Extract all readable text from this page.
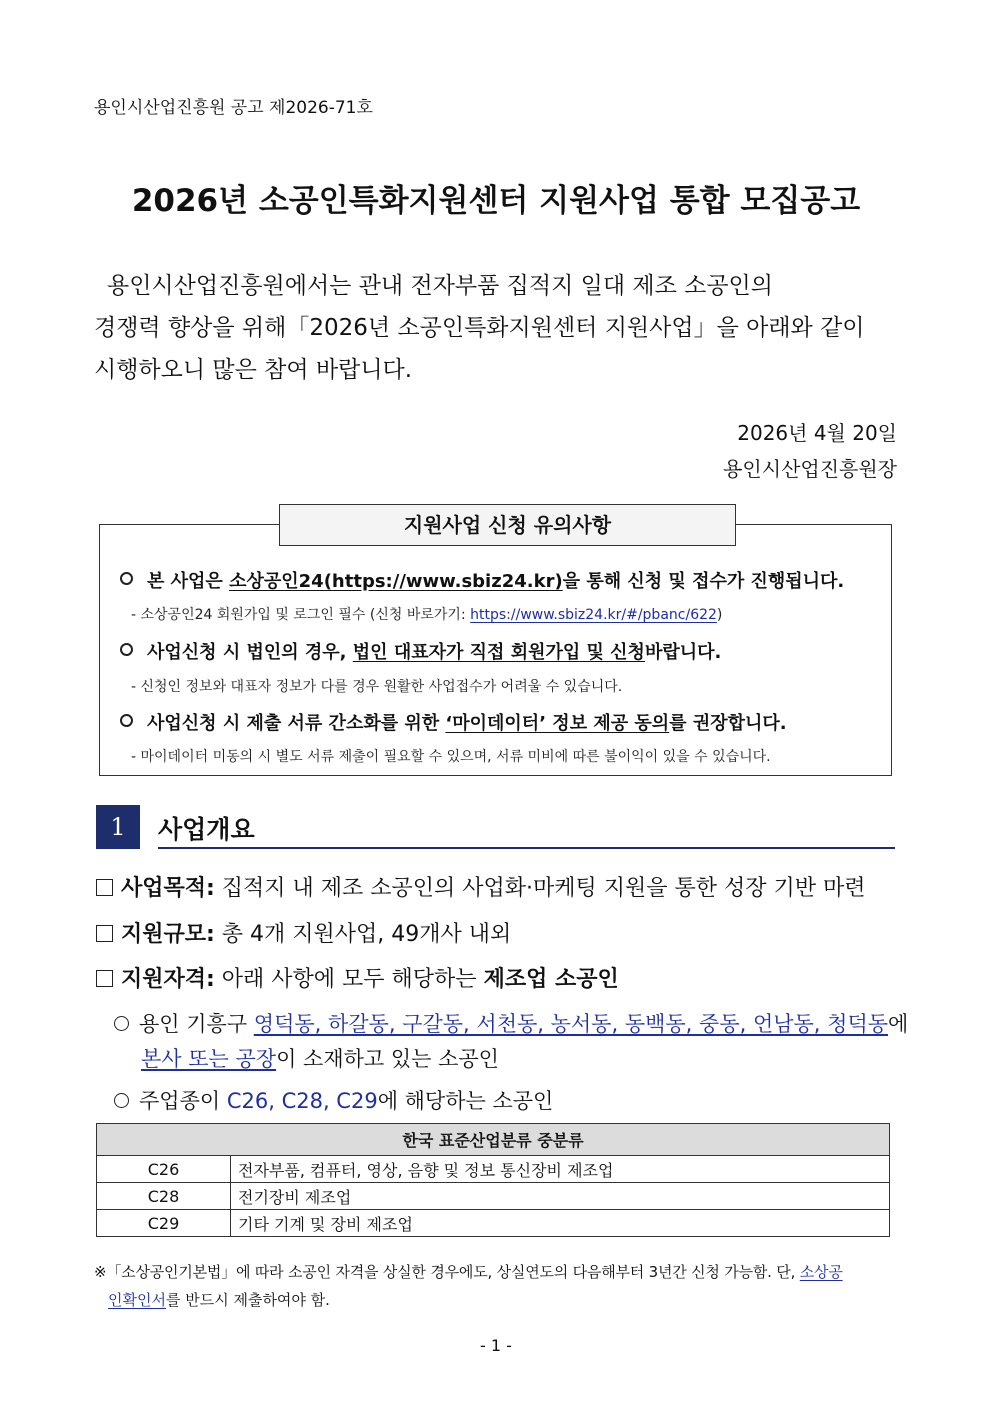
용인시산업진흥원 공고 제2026-71호
2026년 소공인특화지원센터 지원사업 통합 모집공고
용인시산업진흥원에서는 관내 전자부품 집적지 일대 제조 소공인의
경쟁력 향상을 위해「2026년 소공인특화지원센터 지원사업」을 아래와 같이
시행하오니 많은 참여 바랍니다.
2026년 4월 20일
용인시산업진흥원장
지원사업 신청 유의사항
본 사업은 소상공인24(https://www.sbiz24.kr)을 통해 신청 및 접수가 진행됩니다.
- 소상공인24 회원가입 및 로그인 필수 (신청 바로가기: https://www.sbiz24.kr/#/pbanc/622)
사업신청 시 법인의 경우, 법인 대표자가 직접 회원가입 및 신청바랍니다.
- 신청인 정보와 대표자 정보가 다를 경우 원활한 사업접수가 어려울 수 있습니다.
사업신청 시 제출 서류 간소화를 위한 ‘마이데이터’ 정보 제공 동의를 권장합니다.
- 마이데이터 미동의 시 별도 서류 제출이 필요할 수 있으며, 서류 미비에 따른 불이익이 있을 수 있습니다.
1	사업개요
사업목적: 집적지 내 제조 소공인의 사업화·마케팅 지원을 통한 성장 기반 마련
지원규모: 총 4개 지원사업, 49개사 내외
지원자격: 아래 사항에 모두 해당하는 제조업 소공인
용인 기흥구 영덕동, 하갈동, 구갈동, 서천동, 농서동, 동백동, 중동, 언남동, 청덕동에
본사 또는 공장이 소재하고 있는 소공인
주업종이 C26, C28, C29에 해당하는 소공인
한국 표준산업분류 중분류	
C26	전자부품, 컴퓨터, 영상, 음향 및 정보 통신장비 제조업
C28	전기장비 제조업
C29	기타 기계 및 장비 제조업
※「소상공인기본법」에 따라 소공인 자격을 상실한 경우에도, 상실연도의 다음해부터 3년간 신청 가능함. 단, 소상공
인확인서를 반드시 제출하여야 함.
- 1 -
